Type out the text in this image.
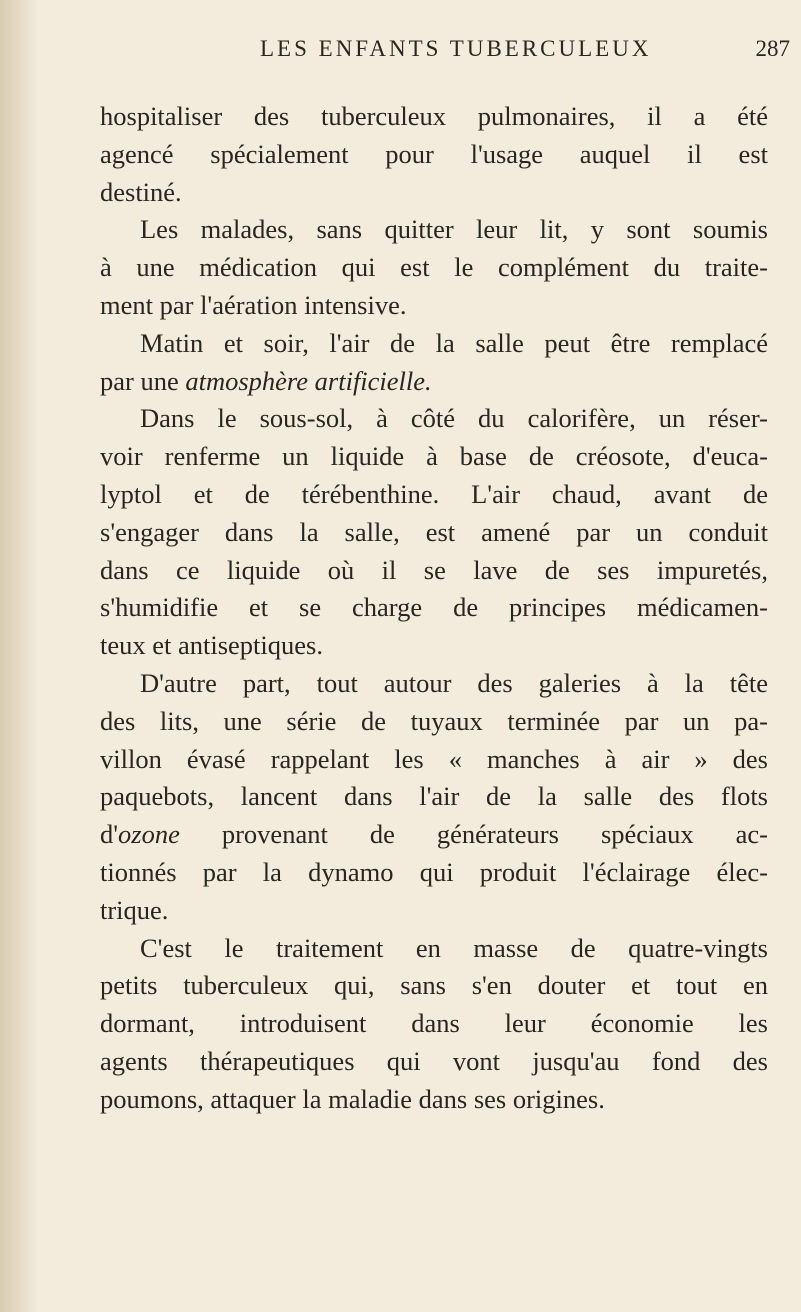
LES ENFANTS TUBERCULEUX	287
hospitaliser des tuberculeux pulmonaires, il a été
agencé spécialement pour l'usage auquel il est
destiné.
Les malades, sans quitter leur lit, y sont soumis
à une médication qui est le complément du traite-
ment par l'aération intensive.
Matin et soir, l'air de la salle peut être remplacé
par une atmosphère artificielle.
Dans le sous-sol, à côté du calorifère, un réser-
voir renferme un liquide à base de créosote, d'euca-
lyptol et de térébenthine. L'air chaud, avant de
s'engager dans la salle, est amené par un conduit
dans ce liquide où il se lave de ses impuretés,
s'humidifie et se charge de principes médicamen-
teux et antiseptiques.
D'autre part, tout autour des galeries à la tête
des lits, une série de tuyaux terminée par un pa-
villon évasé rappelant les « manches à air » des
paquebots, lancent dans l'air de la salle des flots
d'ozone provenant de générateurs spéciaux ac-
tionnés par la dynamo qui produit l'éclairage élec-
trique.
C'est le traitement en masse de quatre-vingts
petits tuberculeux qui, sans s'en douter et tout en
dormant, introduisent dans leur économie les
agents thérapeutiques qui vont jusqu'au fond des
poumons, attaquer la maladie dans ses origines.
